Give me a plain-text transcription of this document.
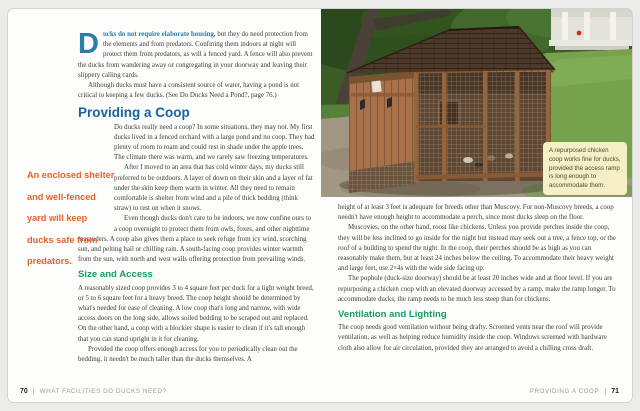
A repurposed chicken coop works fine for ducks, provided the access ramp is long enough to accommodate them.

Ducks do not require elaborate housing, but they do need protection from the elements and from predators. Confining them indoors at night will protect them from predators, as will a fenced yard. A fence will also prevent the ducks from wandering away or congregating in your doorway and leaving their slippery calling cards.

Although ducks must have a consistent source of water, having a pond is not critical to keeping a few ducks. (See Do Ducks Need a Pond?, page 76.)

Providing a Coop

Do ducks really need a coop? In some situations, they may not. My first ducks lived in a fenced orchard with a large pond and no coop. They had plenty of room to roam and could rest in shade under the apple trees. The climate there was warm, and we rarely saw freezing temperatures.

After I moved to an area that has cold winter days, my ducks still preferred to be outdoors. A layer of down on their skin and a layer of fat under the skin keep them warm in winter. All they need to remain comfortable is shelter from wind and a pile of thick bedding (think straw) to rest on when it snows.

Even though ducks don't care to be indoors, we now confine ours to a coop overnight to protect them from owls, foxes, and other nighttime marauders. A coop also gives them a place to seek refuge from icy wind, scorching sun, and pelting hail or chilling rain. A south-facing coop provides winter warmth from the sun, with north and west walls offering protection from prevailing winds.

Size and Access

A reasonably sized coop provides 3 to 4 square feet per duck for a light weight breed, or 5 to 6 square feet for a heavy breed. The coop height should be determined by what's needed for ease of cleaning. A low coop that's long and narrow, with wide access doors on the long side, allows soiled bedding to be scraped out and replaced. On the other hand, a coop with a blockier shape is easier to clean if it's tall enough that you can stand upright in it for cleaning.

Provided the coop offers enough access for you to periodically clean out the bedding, it needn't be much taller than the ducks themselves. A

An enclosed shelter and well-fenced yard will keep ducks safe from predators.
70	WHAT FACILITIES DO DUCKS NEED?

height of at least 3 feet is adequate for breeds other than Muscovy. For non-Muscovy breeds, a coop needn't have enough height to accommodate a perch, since most ducks sleep on the floor.

Muscovies, on the other hand, roost like chickens. Unless you provide perches inside the coop, they will be less inclined to go inside for the night but instead may seek out a tree, a fence top, or the roof of a building to spend the night. In the coop, their perches should be as high as you can reasonably make them, but at least 24 inches below the ceiling. To accommodate their heavy weight and large feet, use 2×4s with the wide side facing up.

The pophole (duck-size doorway) should be at least 20 inches wide and at floor level. If you are repurposing a chicken coop with an elevated doorway accessed by a ramp, make the ramp longer. To accommodate ducks, the ramp needs to be much less steep than for chickens.

Ventilation and Lighting

The coop needs good ventilation without being drafty. Screened vents near the roof will provide ventilation, as well as helping reduce humidity inside the coop. Windows screened with hardware cloth also allow for air circulation, provided they are arranged to avoid a chilling cross draft.

PROVIDING A COOP	71
